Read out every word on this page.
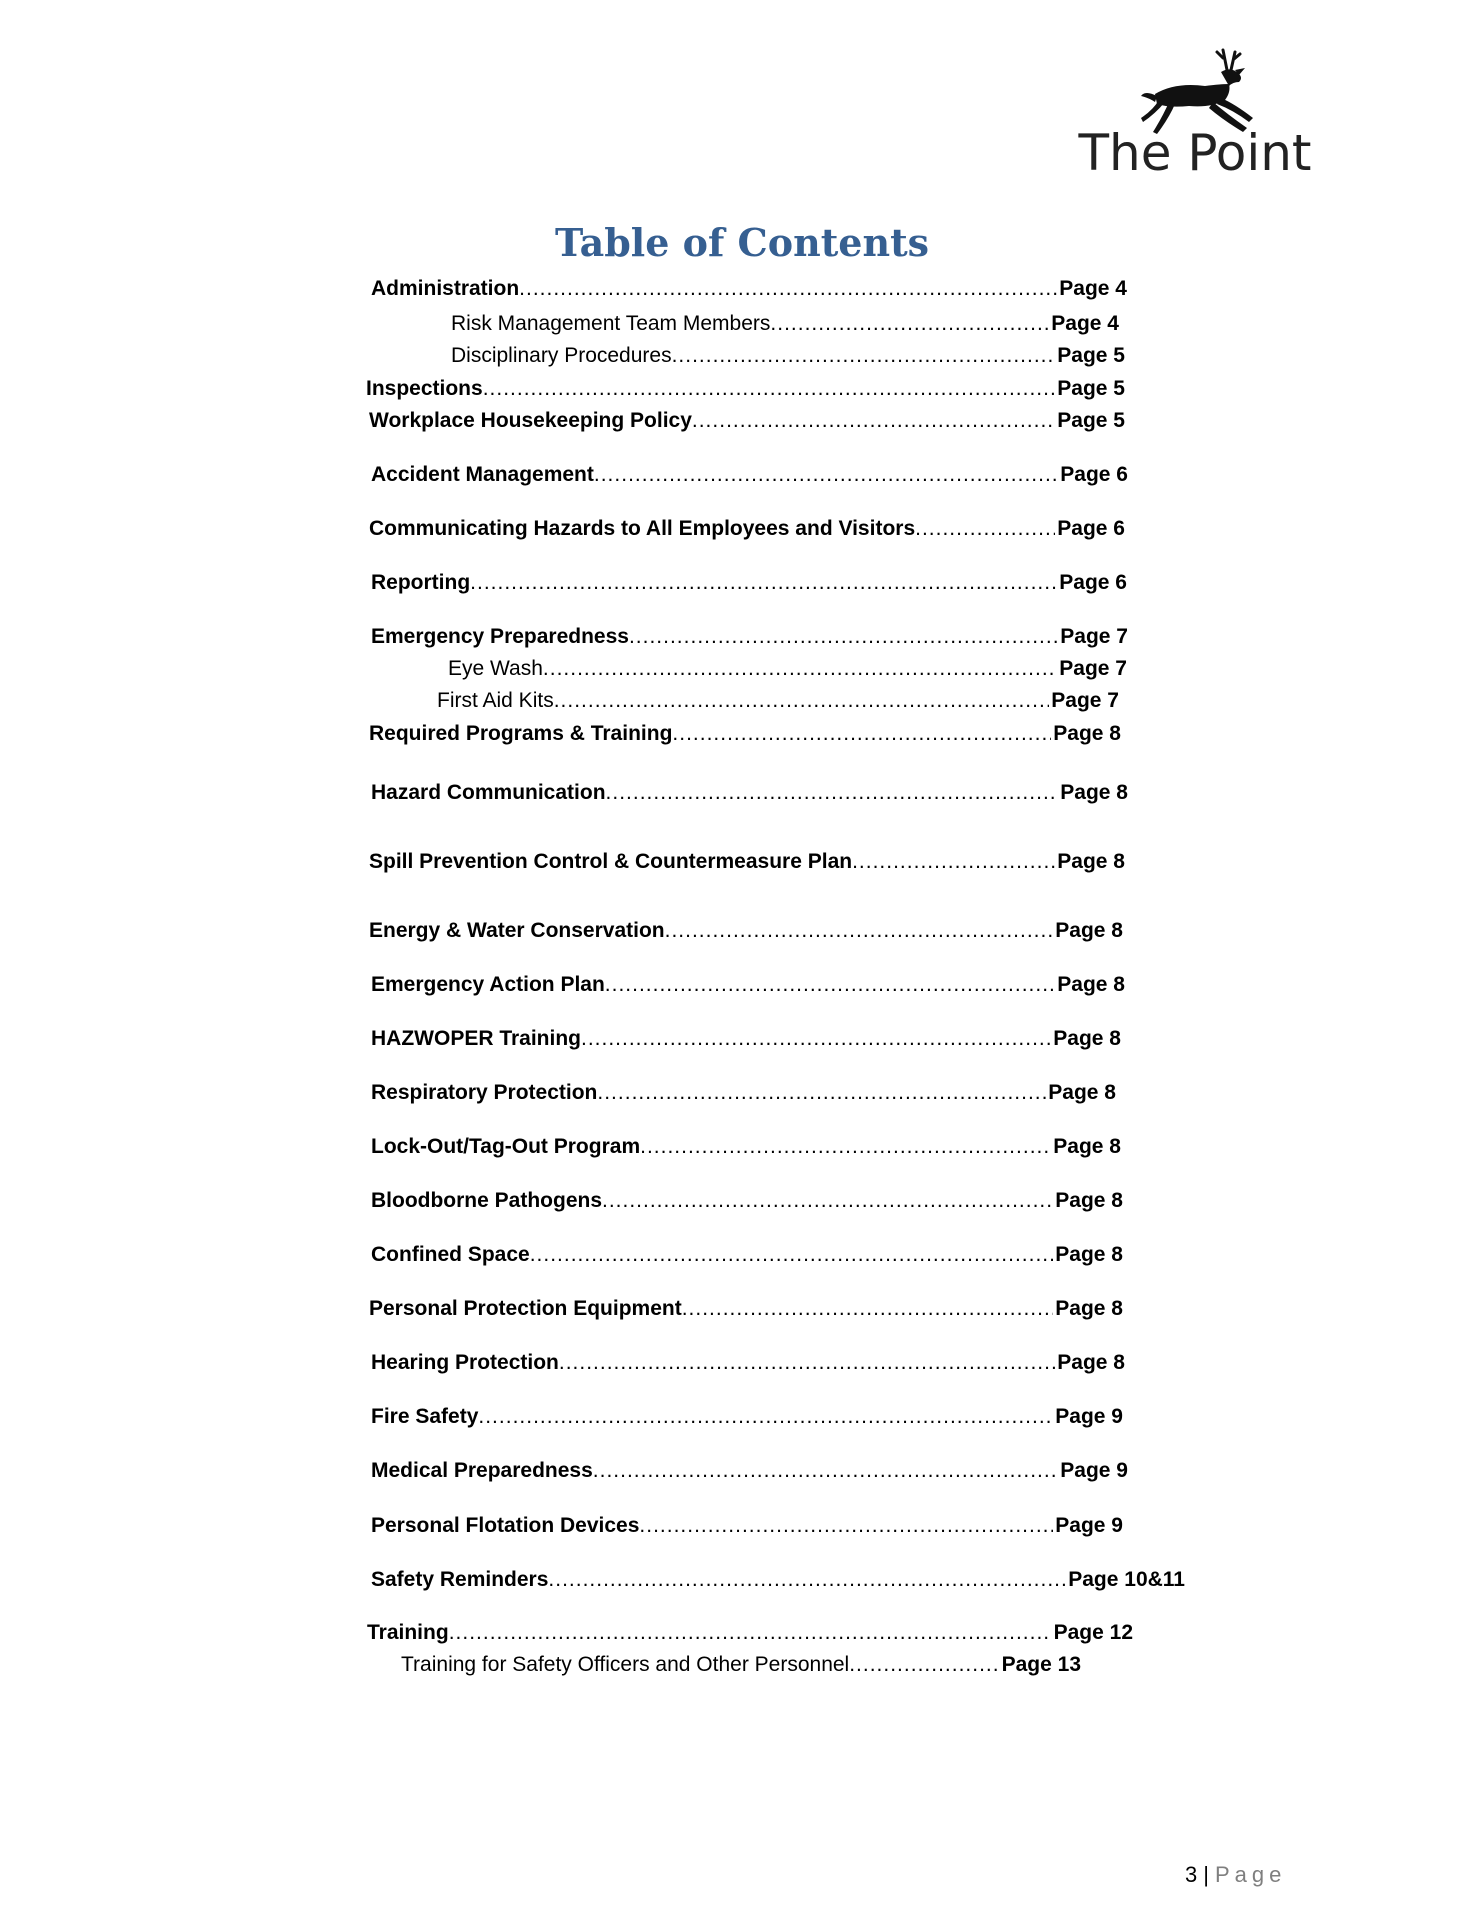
The Point
Table of Contents
Administration .....	Page 4
Risk Management Team Members .....	Page 4
Disciplinary Procedures .....	Page 5
Inspections .....	Page 5
Workplace Housekeeping Policy .....	Page 5
Accident Management .....	Page 6
Communicating Hazards to All Employees and Visitors .....	Page 6
Reporting .....	Page 6
Emergency Preparedness .....	Page 7
Eye Wash .....	Page 7
First Aid Kits .....	Page 7
Required Programs & Training .....	Page 8
Hazard Communication .....	Page 8
Spill Prevention Control & Countermeasure Plan .....	Page 8
Energy & Water Conservation .....	Page 8
Emergency Action Plan .....	Page 8
HAZWOPER Training .....	Page 8
Respiratory Protection .....	Page 8
Lock-Out/Tag-Out Program .....	Page 8
Bloodborne Pathogens .....	Page 8
Confined Space .....	Page 8
Personal Protection Equipment .....	Page 8
Hearing Protection .....	Page 8
Fire Safety .....	Page 9
Medical Preparedness .....	Page 9
Personal Flotation Devices .....	Page 9
Safety Reminders .....	Page 10&11
Training .....	Page 12
Training for Safety Officers and Other Personnel .....	Page 13
3 | Page
